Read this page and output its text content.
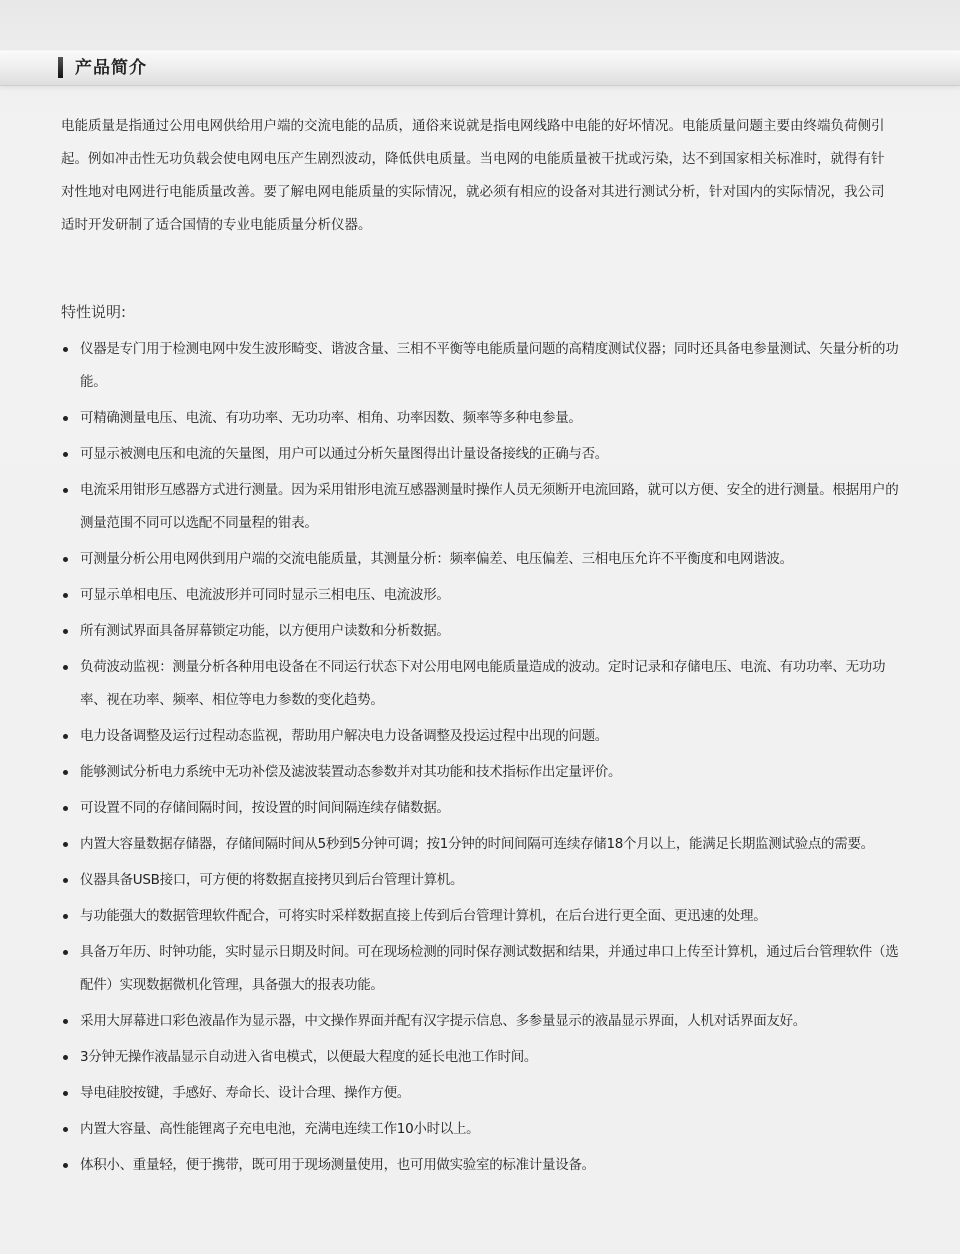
产品简介

电能质量是指通过公用电网供给用户端的交流电能的品质，通俗来说就是指电网线路中电能的好坏情况。电能质量问题主要由终端负荷侧引起。例如冲击性无功负载会使电网电压产生剧烈波动，降低供电质量。当电网的电能质量被干扰或污染，达不到国家相关标准时，就得有针对性地对电网进行电能质量改善。要了解电网电能质量的实际情况，就必须有相应的设备对其进行测试分析，针对国内的实际情况，我公司适时开发研制了适合国情的专业电能质量分析仪器。

特性说明:

仪器是专门用于检测电网中发生波形畸变、谐波含量、三相不平衡等电能质量问题的高精度测试仪器；同时还具备电参量测试、矢量分析的功能。
可精确测量电压、电流、有功功率、无功功率、相角、功率因数、频率等多种电参量。
可显示被测电压和电流的矢量图，用户可以通过分析矢量图得出计量设备接线的正确与否。
电流采用钳形互感器方式进行测量。因为采用钳形电流互感器测量时操作人员无须断开电流回路，就可以方便、安全的进行测量。根据用户的测量范围不同可以选配不同量程的钳表。
可测量分析公用电网供到用户端的交流电能质量，其测量分析：频率偏差、电压偏差、三相电压允许不平衡度和电网谐波。
可显示单相电压、电流波形并可同时显示三相电压、电流波形。
所有测试界面具备屏幕锁定功能，以方便用户读数和分析数据。
负荷波动监视：测量分析各种用电设备在不同运行状态下对公用电网电能质量造成的波动。定时记录和存储电压、电流、有功功率、无功功率、视在功率、频率、相位等电力参数的变化趋势。
电力设备调整及运行过程动态监视，帮助用户解决电力设备调整及投运过程中出现的问题。
能够测试分析电力系统中无功补偿及滤波装置动态参数并对其功能和技术指标作出定量评价。
可设置不同的存储间隔时间，按设置的时间间隔连续存储数据。
内置大容量数据存储器，存储间隔时间从5秒到5分钟可调；按1分钟的时间间隔可连续存储18个月以上，能满足长期监测试验点的需要。
仪器具备USB接口，可方便的将数据直接拷贝到后台管理计算机。
与功能强大的数据管理软件配合，可将实时采样数据直接上传到后台管理计算机，在后台进行更全面、更迅速的处理。
具备万年历、时钟功能，实时显示日期及时间。可在现场检测的同时保存测试数据和结果，并通过串口上传至计算机，通过后台管理软件（选配件）实现数据微机化管理，具备强大的报表功能。
采用大屏幕进口彩色液晶作为显示器，中文操作界面并配有汉字提示信息、多参量显示的液晶显示界面，人机对话界面友好。
3分钟无操作液晶显示自动进入省电模式，以便最大程度的延长电池工作时间。
导电硅胶按键，手感好、寿命长、设计合理、操作方便。
内置大容量、高性能锂离子充电电池，充满电连续工作10小时以上。
体积小、重量轻，便于携带，既可用于现场测量使用，也可用做实验室的标准计量设备。
